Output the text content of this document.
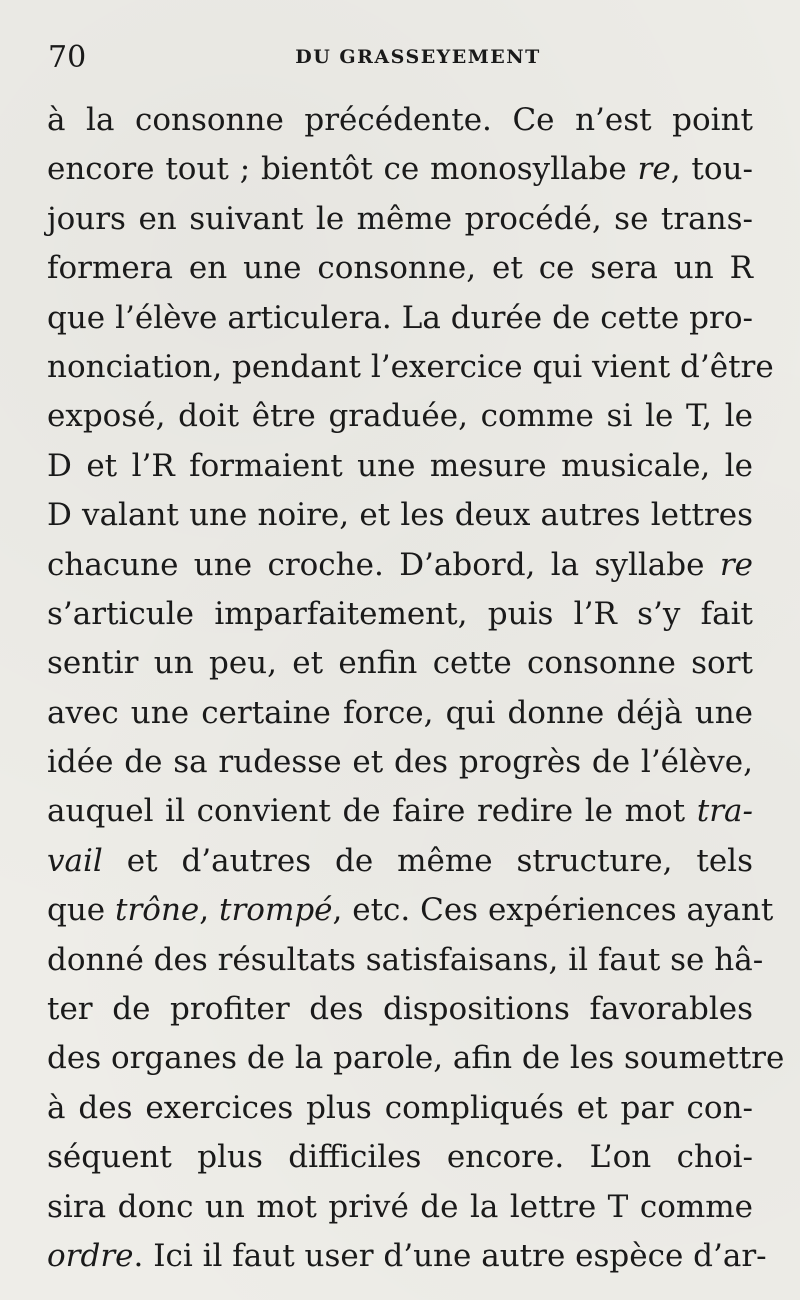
70	DU GRASSEYEMENT
à la consonne précédente. Ce n’est point
encore tout ; bientôt ce monosyllabe re, tou-
jours en suivant le même procédé, se trans-
formera en une consonne, et ce sera un R
que l’élève articulera. La durée de cette pro-
nonciation, pendant l’exercice qui vient d’être
exposé, doit être graduée, comme si le T, le
D et l’R formaient une mesure musicale, le
D valant une noire, et les deux autres lettres
chacune une croche. D’abord, la syllabe re
s’articule imparfaitement, puis l’R s’y fait
sentir un peu, et enfin cette consonne sort
avec une certaine force, qui donne déjà une
idée de sa rudesse et des progrès de l’élève,
auquel il convient de faire redire le mot tra-
vail et d’autres de même structure, tels
que trône, trompé, etc. Ces expériences ayant
donné des résultats satisfaisans, il faut se hâ-
ter de profiter des dispositions favorables
des organes de la parole, afin de les soumettre
à des exercices plus compliqués et par con-
séquent plus difficiles encore. L’on choi-
sira donc un mot privé de la lettre T comme
ordre. Ici il faut user d’une autre espèce d’ar-
